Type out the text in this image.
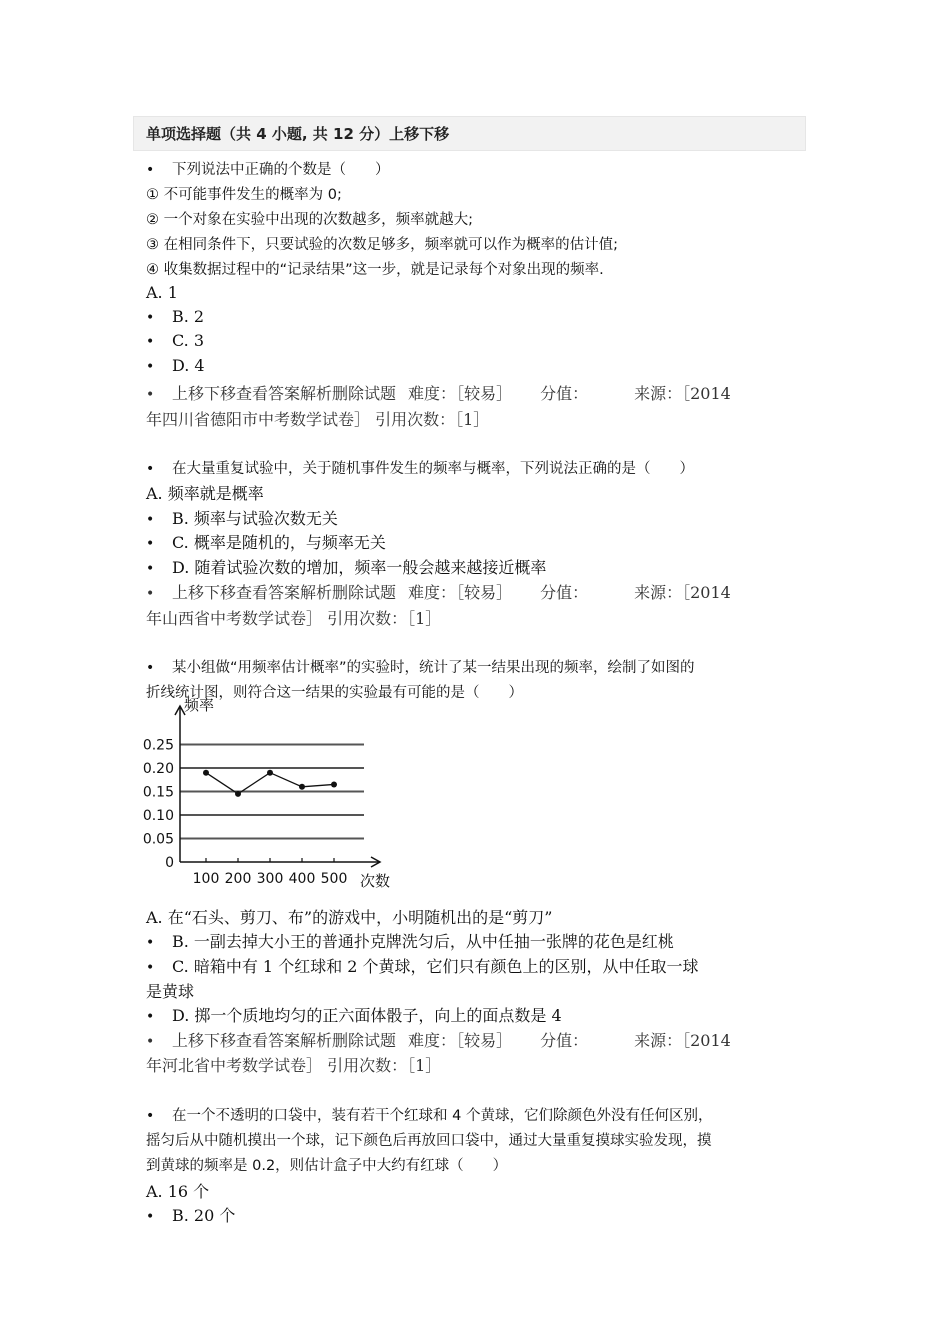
单项选择题（共 4 小题, 共 12 分）上移下移
• 下列说法中正确的个数是（　　）
① 不可能事件发生的概率为 0;
② 一个对象在实验中出现的次数越多，频率就越大;
③ 在相同条件下，只要试验的次数足够多，频率就可以作为概率的估计值;
④ 收集数据过程中的“记录结果”这一步，就是记录每个对象出现的频率.
A. 1
• B. 2
• C. 3
• D. 4
• 上移下移查看答案解析删除试题 难度：［较易］ 分值：	来源：［2014
年四川省德阳市中考数学试卷］ 引用次数：［1］
• 在大量重复试验中，关于随机事件发生的频率与概率，下列说法正确的是（　　）
A. 频率就是概率
• B. 频率与试验次数无关
• C. 概率是随机的，与频率无关
• D. 随着试验次数的增加，频率一般会越来越接近概率
• 上移下移查看答案解析删除试题 难度：［较易］ 分值：	来源：［2014
年山西省中考数学试卷］ 引用次数：［1］
• 某小组做“用频率估计概率”的实验时，统计了某一结果出现的频率，绘制了如图的
折线统计图，则符合这一结果的实验最有可能的是（　　）
0
0.05
0.10
0.15
0.20
0.25
频率
次数
100 200 300 400 500
A. 在“石头、剪刀、布”的游戏中，小明随机出的是“剪刀”
• B. 一副去掉大小王的普通扑克牌洗匀后，从中任抽一张牌的花色是红桃
• C. 暗箱中有 1 个红球和 2 个黄球，它们只有颜色上的区别，从中任取一球
是黄球
• D. 掷一个质地均匀的正六面体骰子，向上的面点数是 4
• 上移下移查看答案解析删除试题 难度：［较易］ 分值：	来源：［2014
年河北省中考数学试卷］ 引用次数：［1］
• 在一个不透明的口袋中，装有若干个红球和 4 个黄球，它们除颜色外没有任何区别，
摇匀后从中随机摸出一个球，记下颜色后再放回口袋中，通过大量重复摸球实验发现，摸
到黄球的频率是 0.2，则估计盒子中大约有红球（　　）
A. 16 个
• B. 20 个
